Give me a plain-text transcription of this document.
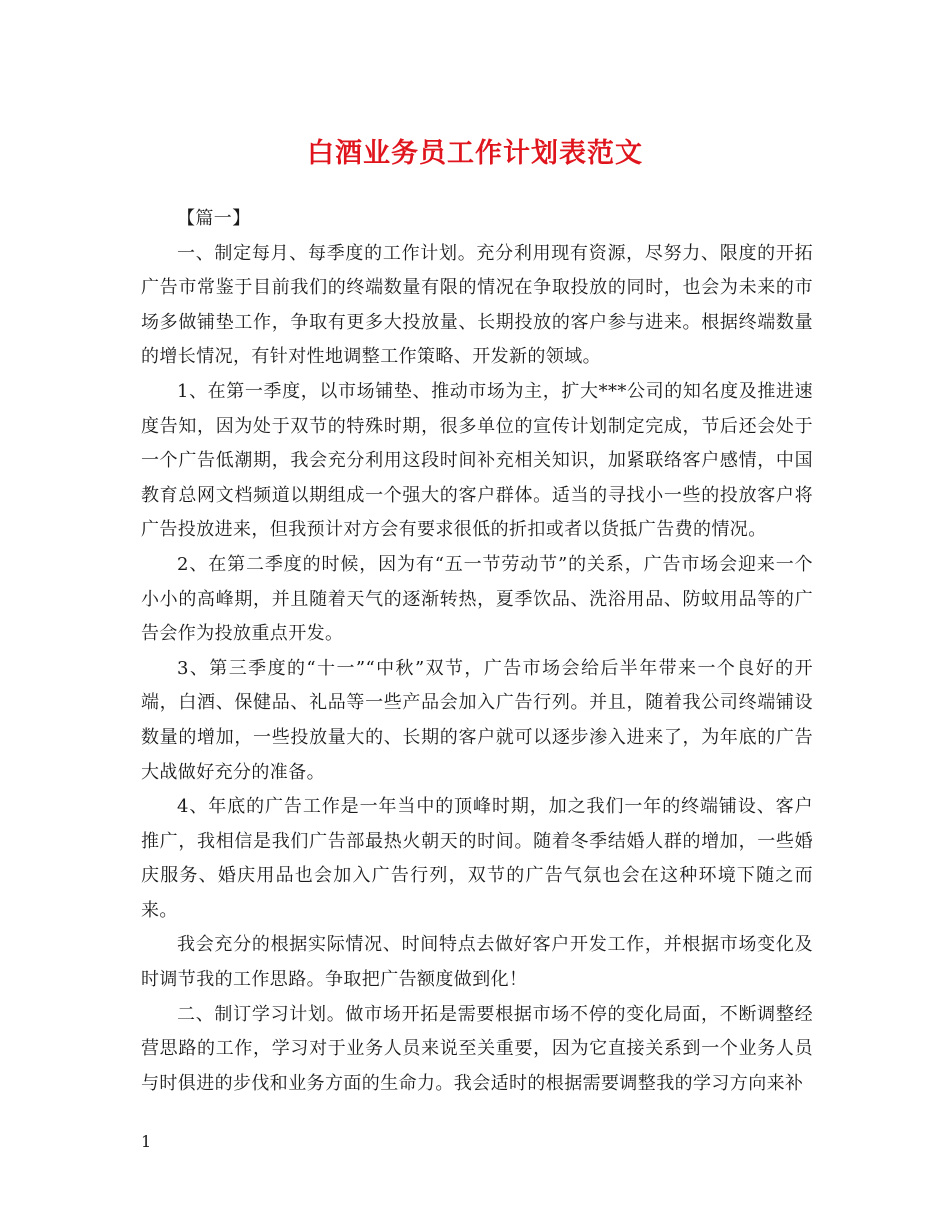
白酒业务员工作计划表范文

【篇一】

一、制定每月、每季度的工作计划。充分利用现有资源，尽努力、限度的开拓广告市常鉴于目前我们的终端数量有限的情况在争取投放的同时，也会为未来的市场多做铺垫工作，争取有更多大投放量、长期投放的客户参与进来。根据终端数量的增长情况，有针对性地调整工作策略、开发新的领域。

1、在第一季度，以市场铺垫、推动市场为主，扩大***公司的知名度及推进速度告知，因为处于双节的特殊时期，很多单位的宣传计划制定完成，节后还会处于一个广告低潮期，我会充分利用这段时间补充相关知识，加紧联络客户感情，中国教育总网文档频道以期组成一个强大的客户群体。适当的寻找小一些的投放客户将广告投放进来，但我预计对方会有要求很低的折扣或者以货抵广告费的情况。

2、在第二季度的时候，因为有“五一节劳动节”的关系，广告市场会迎来一个小小的高峰期，并且随着天气的逐渐转热，夏季饮品、洗浴用品、防蚊用品等的广告会作为投放重点开发。

3、第三季度的“十一”“中秋”双节，广告市场会给后半年带来一个良好的开端，白酒、保健品、礼品等一些产品会加入广告行列。并且，随着我公司终端铺设数量的增加，一些投放量大的、长期的客户就可以逐步渗入进来了，为年底的广告大战做好充分的准备。

4、年底的广告工作是一年当中的顶峰时期，加之我们一年的终端铺设、客户推广，我相信是我们广告部最热火朝天的时间。随着冬季结婚人群的增加，一些婚庆服务、婚庆用品也会加入广告行列，双节的广告气氛也会在这种环境下随之而来。

我会充分的根据实际情况、时间特点去做好客户开发工作，并根据市场变化及时调节我的工作思路。争取把广告额度做到化！

二、制订学习计划。做市场开拓是需要根据市场不停的变化局面，不断调整经营思路的工作，学习对于业务人员来说至关重要，因为它直接关系到一个业务人员与时俱进的步伐和业务方面的生命力。我会适时的根据需要调整我的学习方向来补

1
